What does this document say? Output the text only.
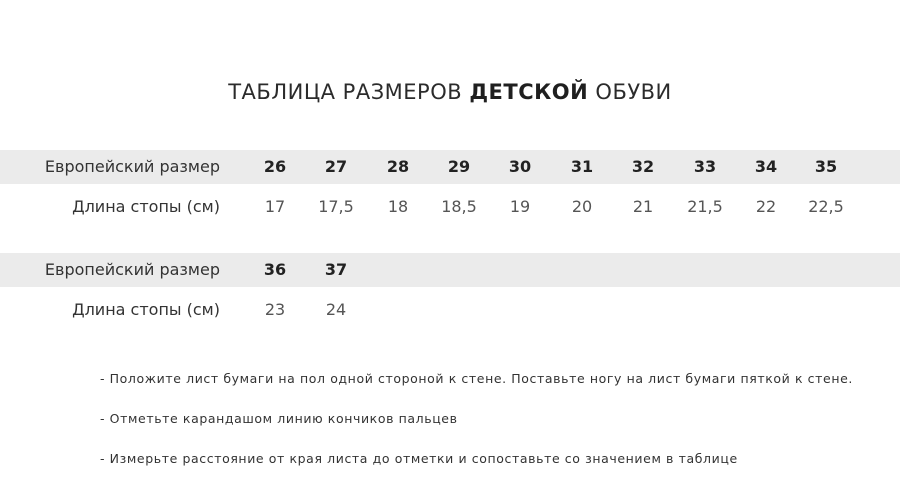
ТАБЛИЦА РАЗМЕРОВ ДЕТСКОЙ ОБУВИ
Европейский размер	26	27	28	29	30	31	32	33	34	35
Длина стопы (см)	17	17,5	18	18,5	19	20	21	21,5	22	22,5
Европейский размер	36	37
Длина стопы (см)	23	24
- Положите лист бумаги на пол одной стороной к стене. Поставьте ногу на лист бумаги пяткой к стене.
- Отметьте карандашом линию кончиков пальцев
- Измерьте расстояние от края листа до отметки и сопоставьте со значением в таблице
